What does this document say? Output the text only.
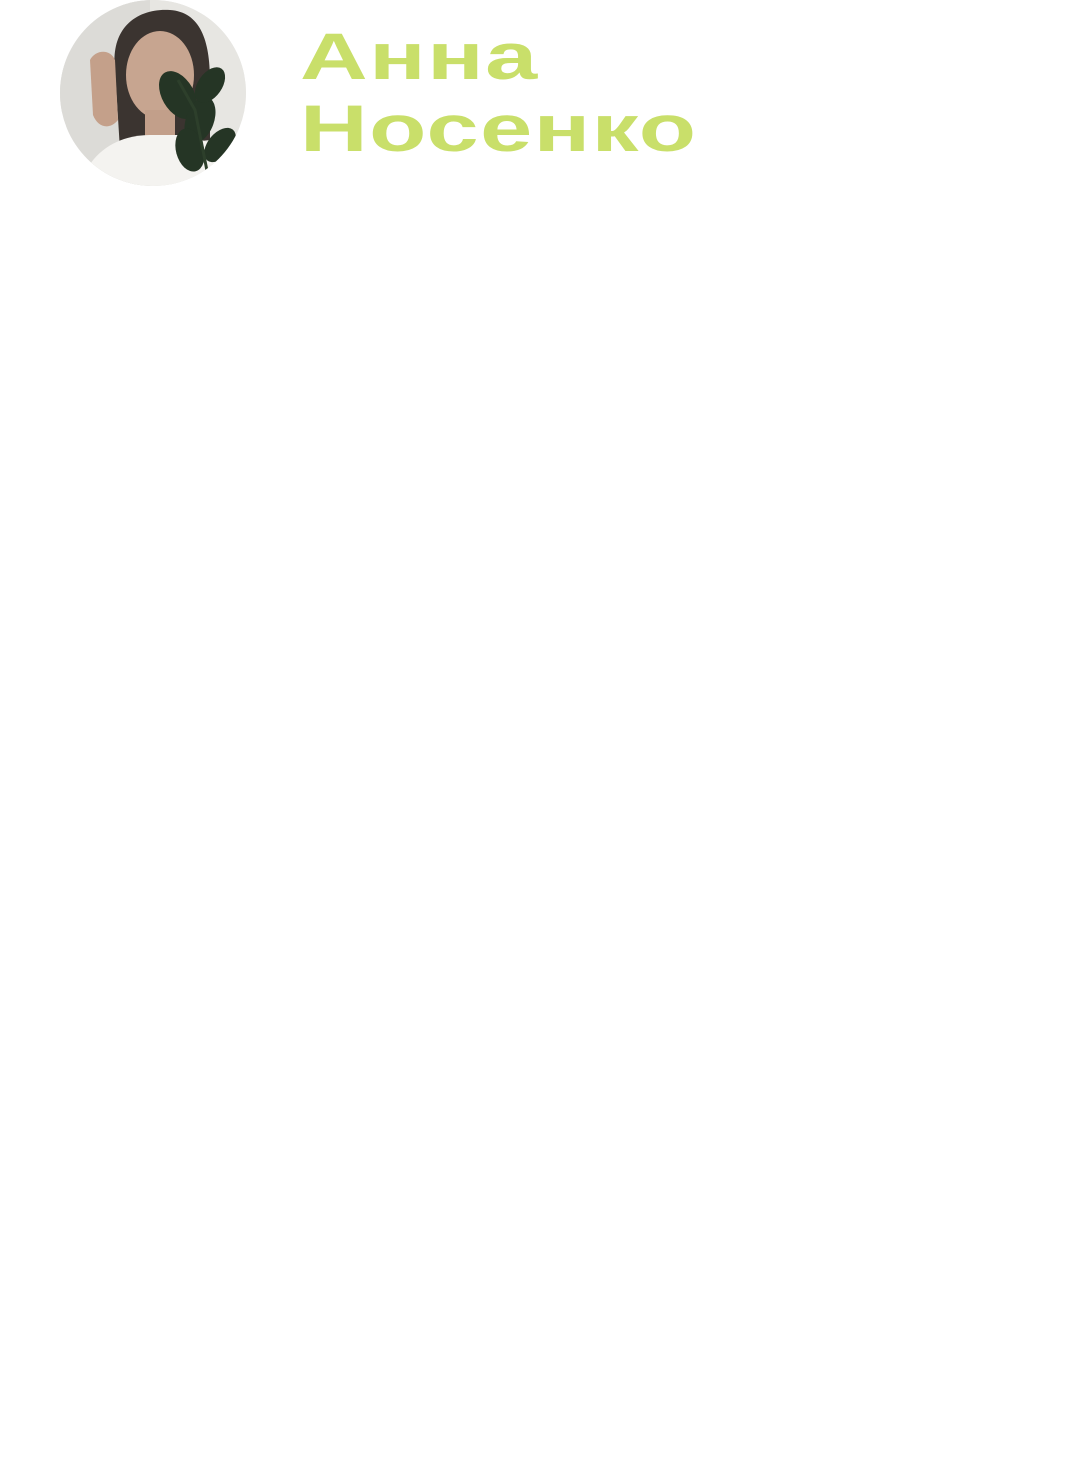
Анна
Носенко
